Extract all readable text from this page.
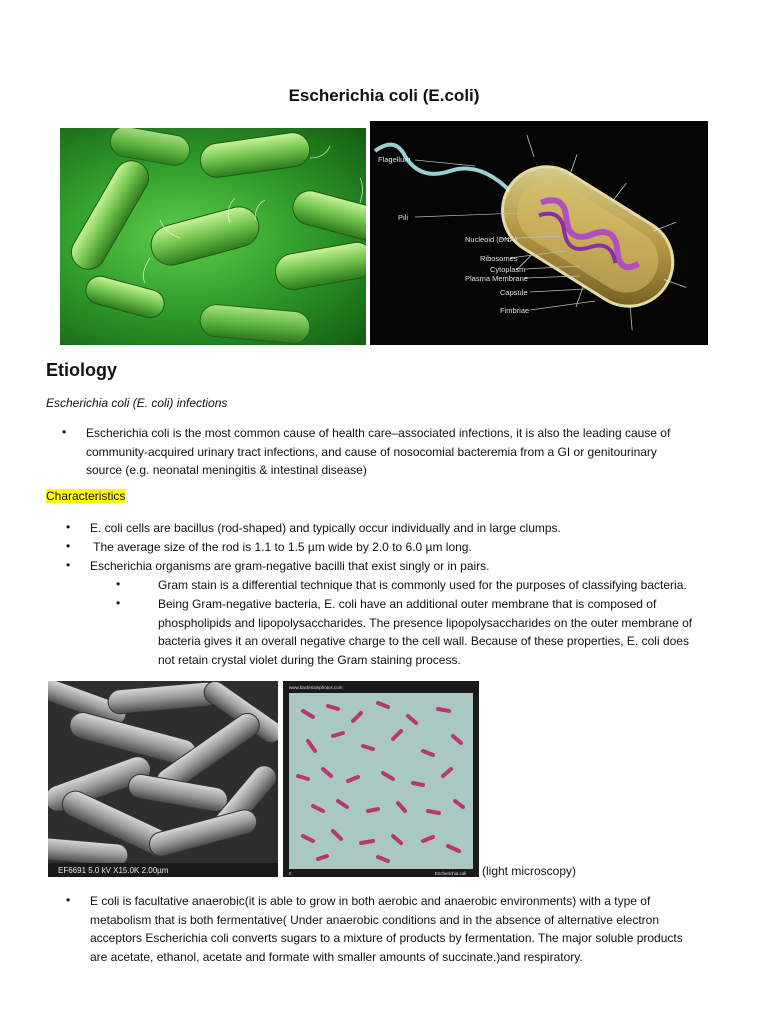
Escherichia coli (E.coli)
Flagellum
Pili
Nucleoid (DNA)
Ribosomes
Cytoplasm
Plasma Membrane
Capsule
Fimbriae
Etiology
Escherichia coli (E. coli) infections
• Escherichia coli is the most common cause of health care–associated infections, it is also the leading cause of
community-acquired urinary tract infections, and cause of nosocomial bacteremia from a GI or genitourinary
source (e.g. neonatal meningitis & intestinal disease)
Characteristics
• E. coli cells are bacillus (rod-shaped) and typically occur individually and in large clumps.
• The average size of the rod is 1.1 to 1.5 µm wide by 2.0 to 6.0 µm long.
• Escherichia organisms are gram-negative bacilli that exist singly or in pairs.
•	Gram stain is a differential technique that is commonly used for the purposes of classifying bacteria.
•	Being Gram-negative bacteria, E. coli have an additional outer membrane that is composed of
phospholipids and lipopolysaccharides. The presence lipopolysaccharides on the outer membrane of
bacteria gives it an overall negative charge to the cell wall. Because of these properties, E. coli does
not retain crystal violet during the Gram staining process.
EF6691 5.0 kV X15.0K 2.00µm
www.bacteriainphotos.com
c	Escherichia coli (light microscopy)
• E coli is facultative anaerobic(it is able to grow in both aerobic and anaerobic environments) with a type of
metabolism that is both fermentative( Under anaerobic conditions and in the absence of alternative electron
acceptors Escherichia coli converts sugars to a mixture of products by fermentation. The major soluble products
are acetate, ethanol, acetate and formate with smaller amounts of succinate.)and respiratory.
